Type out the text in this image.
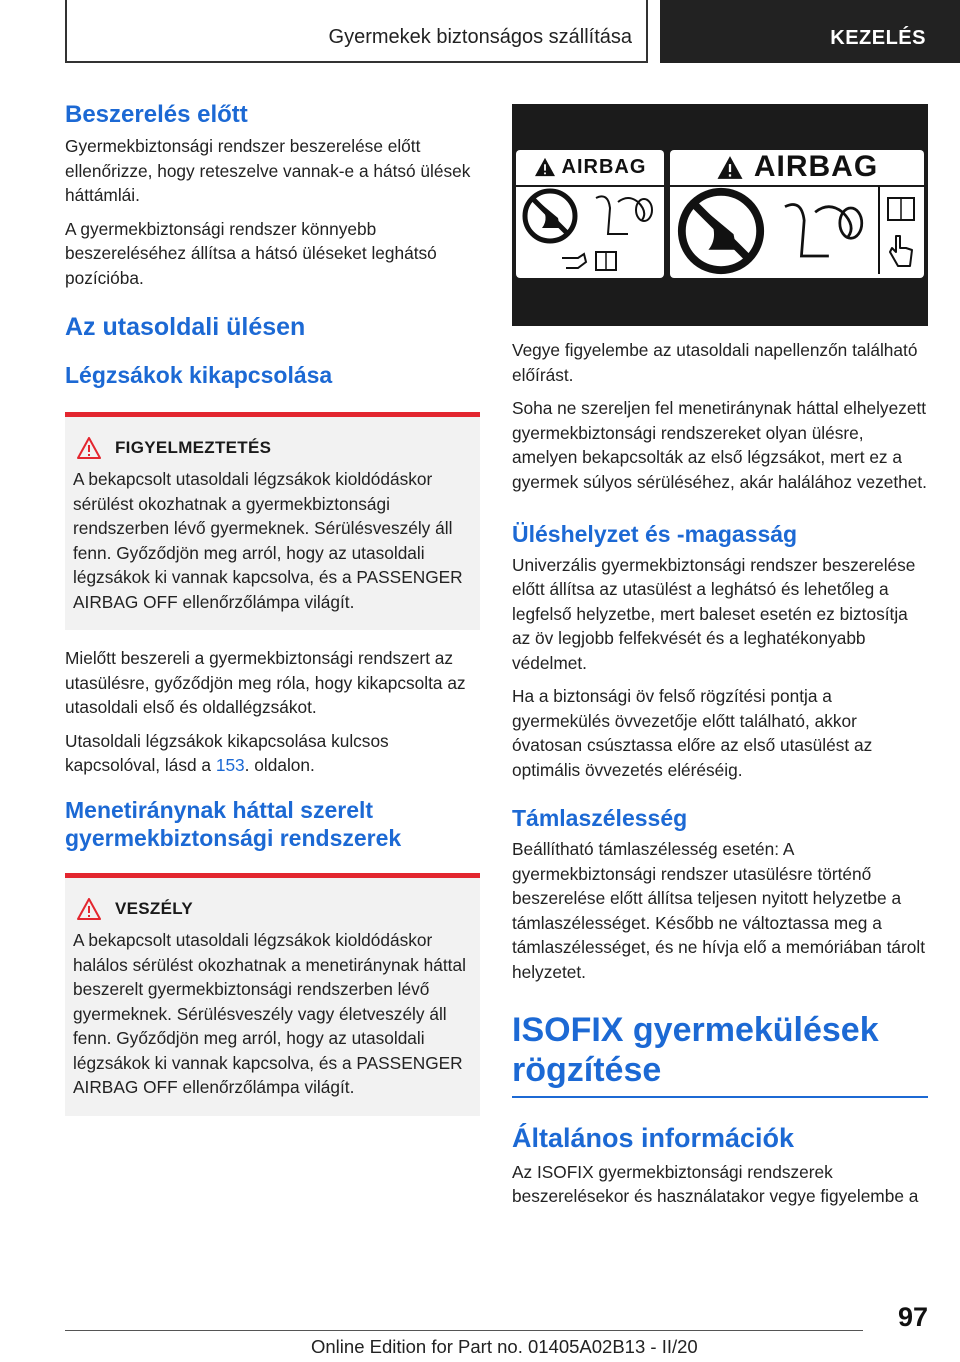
Gyermekek biztonságos szállítása	KEZELÉS
Beszerelés előtt

Gyermekbiztonsági rendszer beszerelése előtt ellenőrizze, hogy reteszelve vannak-e a hátsó ülések háttámlái.

A gyermekbiztonsági rendszer könnyebb beszereléséhez állítsa a hátsó üléseket leghátsó pozícióba.

Az utasoldali ülésen
Légzsákok kikapcsolása
FIGYELMEZTETÉS

A bekapcsolt utasoldali légzsákok kioldódáskor sérülést okozhatnak a gyermekbiztonsági rendszerben lévő gyermeknek. Sérülésveszély áll fenn. Győződjön meg arról, hogy az utasoldali légzsákok ki vannak kapcsolva, és a PASSENGER AIRBAG OFF ellenőrzőlámpa világít.

Mielőtt beszereli a gyermekbiztonsági rendszert az utasülésre, győződjön meg róla, hogy kikapcsolta az utasoldali első és oldallégzsákot.

Utasoldali légzsákok kikapcsolása kulcsos kapcsolóval, lásd a 153. oldalon.

Menetiránynak háttal szerelt gyermekbiztonsági rendszerek
VESZÉLY

A bekapcsolt utasoldali légzsákok kioldódáskor halálos sérülést okozhatnak a menetiránynak háttal beszerelt gyermekbiztonsági rendszerben lévő gyermeknek. Sérülésveszély vagy életveszély áll fenn. Győződjön meg arról, hogy az utasoldali légzsákok ki vannak kapcsolva, és a PASSENGER AIRBAG OFF ellenőrzőlámpa világít.

AIRBAG	AIRBAG

Vegye figyelembe az utasoldali napellenzőn található előírást.

Soha ne szereljen fel menetiránynak háttal elhelyezett gyermekbiztonsági rendszereket olyan ülésre, amelyen bekapcsolták az első légzsákot, mert ez a gyermek súlyos sérüléséhez, akár halálához vezethet.

Üléshelyzet és -magasság

Univerzális gyermekbiztonsági rendszer beszerelése előtt állítsa az utasülést a leghátsó és lehetőleg a legfelső helyzetbe, mert baleset esetén ez biztosítja az öv legjobb felfekvését és a leghatékonyabb védelmet.

Ha a biztonsági öv felső rögzítési pontja a gyermekülés övvezetője előtt található, akkor óvatosan csúsztassa előre az első utasülést az optimális övvezetés eléréséig.

Támlaszélesség

Beállítható támlaszélesség esetén: A gyermekbiztonsági rendszer utasülésre történő beszerelése előtt állítsa teljesen nyitott helyzetbe a támlaszélességet. Később ne változtassa meg a támlaszélességet, és ne hívja elő a memóriában tárolt helyzetet.

ISOFIX gyermekülések rögzítése
Általános információk

Az ISOFIX gyermekbiztonsági rendszerek beszerelésekor és használatakor vegye figyelembe a

97
Online Edition for Part no. 01405A02B13 - II/20
